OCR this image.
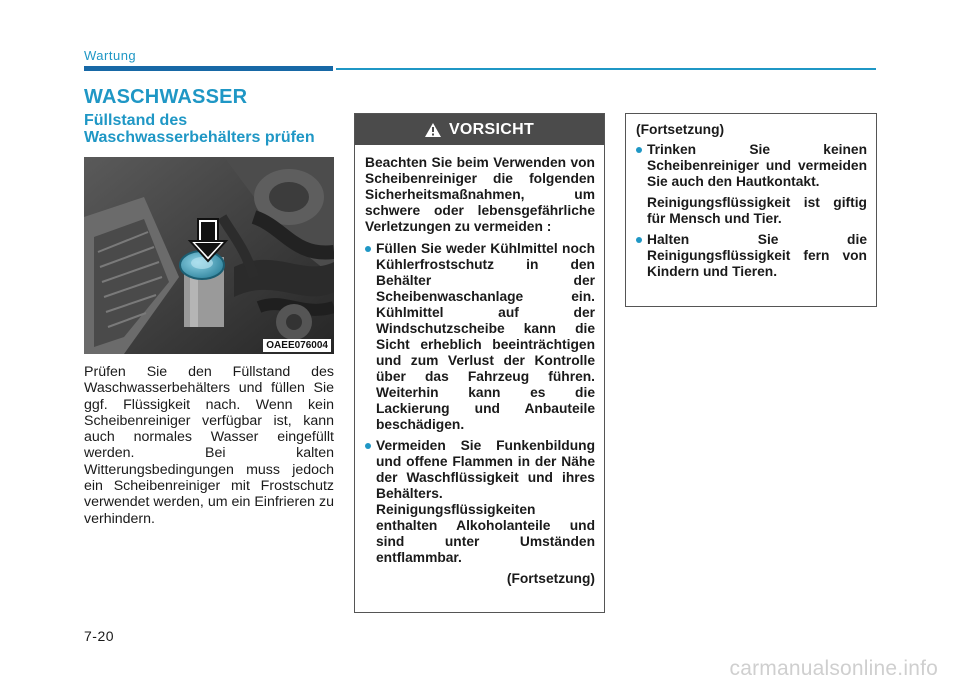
Wartung
WASCHWASSER
Füllstand des
Waschwasserbehälters prüfen
OAEE076004
Prüfen Sie den Füllstand des Waschwasserbehälters und füllen Sie ggf. Flüssigkeit nach. Wenn kein Scheibenreiniger verfügbar ist, kann auch normales Wasser eingefüllt werden. Bei kalten Witterungsbedingungen muss jedoch ein Scheibenreiniger mit Frostschutz verwendet werden, um ein Einfrieren zu verhindern.
VORSICHT

Beachten Sie beim Verwenden von Scheibenreiniger die folgenden Sicherheitsmaßnahmen, um schwere oder lebensgefährliche Verletzungen zu vermeiden :

Füllen Sie weder Kühlmittel noch Kühlerfrostschutz in den Behälter der Scheibenwaschanlage ein. Kühlmittel auf der Windschutzscheibe kann die Sicht erheblich beeinträchtigen und zum Verlust der Kontrolle über das Fahrzeug führen. Weiterhin kann es die Lackierung und Anbauteile beschädigen.
Vermeiden Sie Funkenbildung und offene Flammen in der Nähe der Waschflüssigkeit und ihres Behälters. Reinigungsflüssigkeiten enthalten Alkoholanteile und sind unter Umständen entflammbar.
(Fortsetzung)
(Fortsetzung)
Trinken Sie keinen Scheibenreiniger und vermeiden Sie auch den Hautkontakt.
Reinigungsflüssigkeit ist giftig für Mensch und Tier.
Halten Sie die Reinigungsflüssigkeit fern von Kindern und Tieren.
7-20
carmanualsonline.info
